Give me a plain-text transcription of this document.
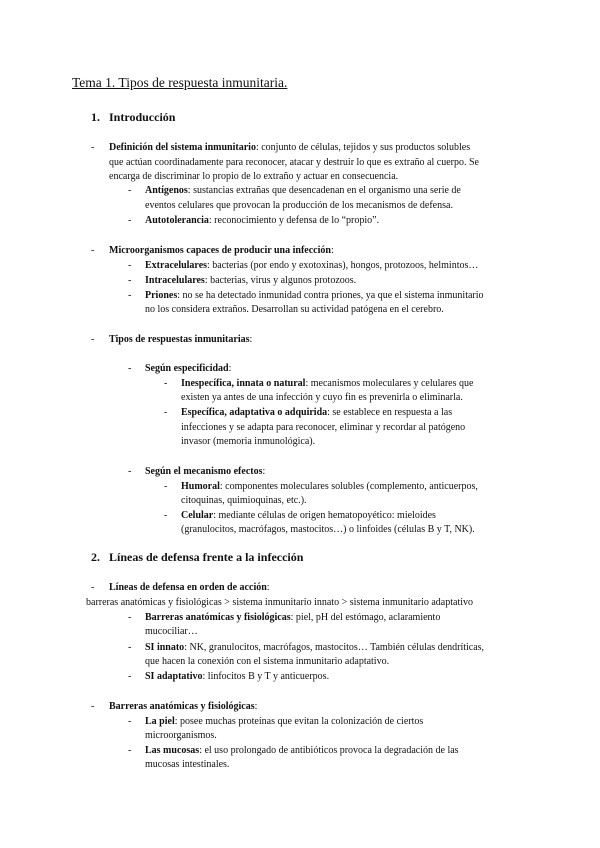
Tema 1. Tipos de respuesta inmunitaria.
1. Introducción
- Definición del sistema inmunitario: conjunto de células, tejidos y sus productos solubles
que actúan coordinadamente para reconocer, atacar y destruir lo que es extraño al cuerpo. Se
encarga de discriminar lo propio de lo extraño y actuar en consecuencia.
- Antígenos: sustancias extrañas que desencadenan en el organismo una serie de
eventos celulares que provocan la producción de los mecanismos de defensa.
- Autotolerancia: reconocimiento y defensa de lo “propio”.
- Microorganismos capaces de producir una infección:
- Extracelulares: bacterias (por endo y exotoxinas), hongos, protozoos, helmintos…
- Intracelulares: bacterias, virus y algunos protozoos.
- Priones: no se ha detectado inmunidad contra priones, ya que el sistema inmunitario
no los considera extraños. Desarrollan su actividad patógena en el cerebro.
- Tipos de respuestas inmunitarias:
- Según especificidad:
- Inespecífica, innata o natural: mecanismos moleculares y celulares que
existen ya antes de una infección y cuyo fin es prevenirla o eliminarla.
- Específica, adaptativa o adquirida: se establece en respuesta a las
infecciones y se adapta para reconocer, eliminar y recordar al patógeno
invasor (memoria inmunológica).
- Según el mecanismo efectos:
- Humoral: componentes moleculares solubles (complemento, anticuerpos,
citoquinas, quimioquinas, etc.).
- Celular: mediante células de origen hematopoyético: mieloides
(granulocitos, macrófagos, mastocitos…) o linfoides (células B y T, NK).
2. Líneas de defensa frente a la infección
- Líneas de defensa en orden de acción:
barreras anatómicas y fisiológicas > sistema inmunitario innato > sistema inmunitario adaptativo
- Barreras anatómicas y fisiológicas: piel, pH del estómago, aclaramiento
mucociliar…
- SI innato: NK, granulocitos, macrófagos, mastocitos… También células dendríticas,
que hacen la conexión con el sistema inmunitario adaptativo.
- SI adaptativo: linfocitos B y T y anticuerpos.
- Barreras anatómicas y fisiológicas:
- La piel: posee muchas proteínas que evitan la colonización de ciertos
microorganismos.
- Las mucosas: el uso prolongado de antibióticos provoca la degradación de las
mucosas intestinales.
